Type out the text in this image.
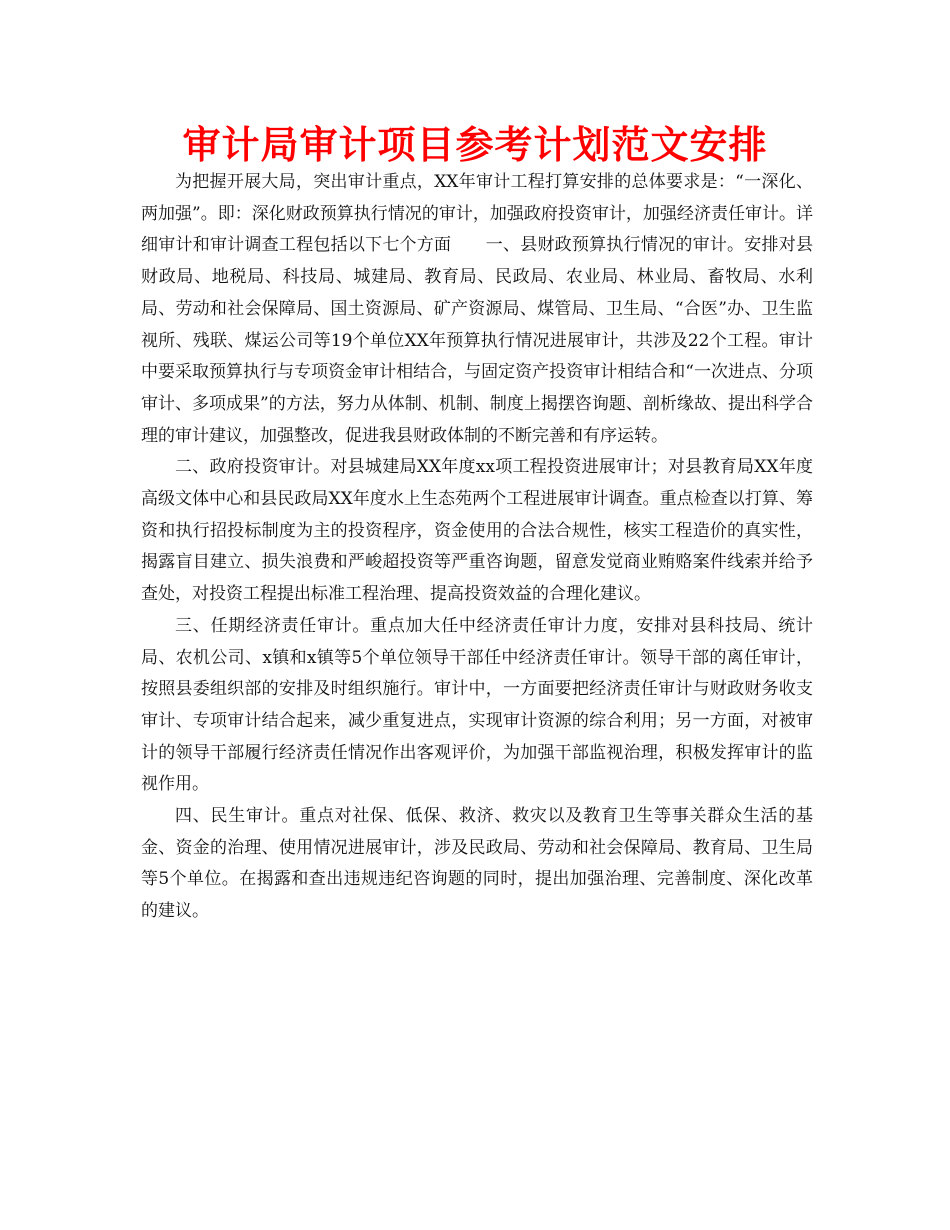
审计局审计项目参考计划范文安排

为把握开展大局，突出审计重点，XX年审计工程打算安排的总体要求是：“一深化、两加强”。即：深化财政预算执行情况的审计，加强政府投资审计，加强经济责任审计。详细审计和审计调查工程包括以下七个方面　　一、县财政预算执行情况的审计。安排对县财政局、地税局、科技局、城建局、教育局、民政局、农业局、林业局、畜牧局、水利局、劳动和社会保障局、国土资源局、矿产资源局、煤管局、卫生局、“合医”办、卫生监视所、残联、煤运公司等19个单位XX年预算执行情况进展审计，共涉及22个工程。审计中要采取预算执行与专项资金审计相结合，与固定资产投资审计相结合和“一次进点、分项审计、多项成果”的方法，努力从体制、机制、制度上揭摆咨询题、剖析缘故、提出科学合理的审计建议，加强整改，促进我县财政体制的不断完善和有序运转。

二、政府投资审计。对县城建局XX年度xx项工程投资进展审计；对县教育局XX年度高级文体中心和县民政局XX年度水上生态苑两个工程进展审计调查。重点检查以打算、筹资和执行招投标制度为主的投资程序，资金使用的合法合规性，核实工程造价的真实性，揭露盲目建立、损失浪费和严峻超投资等严重咨询题，留意发觉商业贿赂案件线索并给予查处，对投资工程提出标准工程治理、提高投资效益的合理化建议。

三、任期经济责任审计。重点加大任中经济责任审计力度，安排对县科技局、统计局、农机公司、x镇和x镇等5个单位领导干部任中经济责任审计。领导干部的离任审计，按照县委组织部的安排及时组织施行。审计中，一方面要把经济责任审计与财政财务收支审计、专项审计结合起来，减少重复进点，实现审计资源的综合利用；另一方面，对被审计的领导干部履行经济责任情况作出客观评价，为加强干部监视治理，积极发挥审计的监视作用。

四、民生审计。重点对社保、低保、救济、救灾以及教育卫生等事关群众生活的基金、资金的治理、使用情况进展审计，涉及民政局、劳动和社会保障局、教育局、卫生局等5个单位。在揭露和查出违规违纪咨询题的同时，提出加强治理、完善制度、深化改革的建议。
